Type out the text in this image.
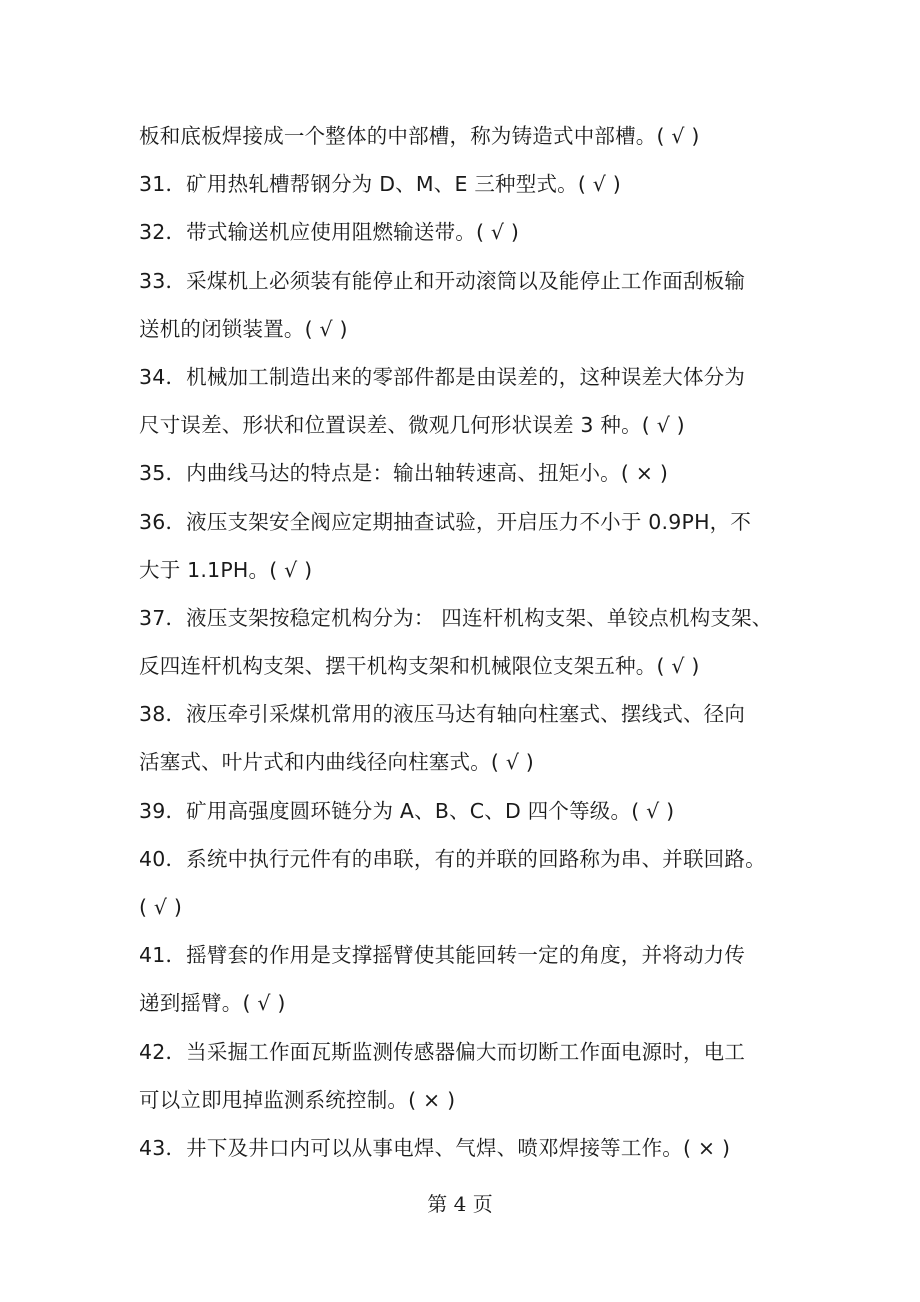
板和底板焊接成一个整体的中部槽，称为铸造式中部槽。( √ )
31．矿用热轧槽帮钢分为 D、M、E 三种型式。( √ )
32．带式输送机应使用阻燃输送带。( √ )
33．采煤机上必须装有能停止和开动滚筒以及能停止工作面刮板输
送机的闭锁装置。( √ )
34．机械加工制造出来的零部件都是由误差的，这种误差大体分为
尺寸误差、形状和位置误差、微观几何形状误差 3 种。( √ )
35．内曲线马达的特点是：输出轴转速高、扭矩小。( × )
36．液压支架安全阀应定期抽查试验，开启压力不小于 0.9PH，不
大于 1.1PH。( √ )
37．液压支架按稳定机构分为： 四连杆机构支架、单铰点机构支架、
反四连杆机构支架、摆干机构支架和机械限位支架五种。( √ )
38．液压牵引采煤机常用的液压马达有轴向柱塞式、摆线式、径向
活塞式、叶片式和内曲线径向柱塞式。( √ )
39．矿用高强度圆环链分为 A、B、C、D 四个等级。( √ )
40．系统中执行元件有的串联，有的并联的回路称为串、并联回路。
( √ )
41．摇臂套的作用是支撑摇臂使其能回转一定的角度，并将动力传
递到摇臂。( √ )
42．当采掘工作面瓦斯监测传感器偏大而切断工作面电源时，电工
可以立即甩掉监测系统控制。( × )
43．井下及井口内可以从事电焊、气焊、喷邓焊接等工作。( × )
第 4 页
